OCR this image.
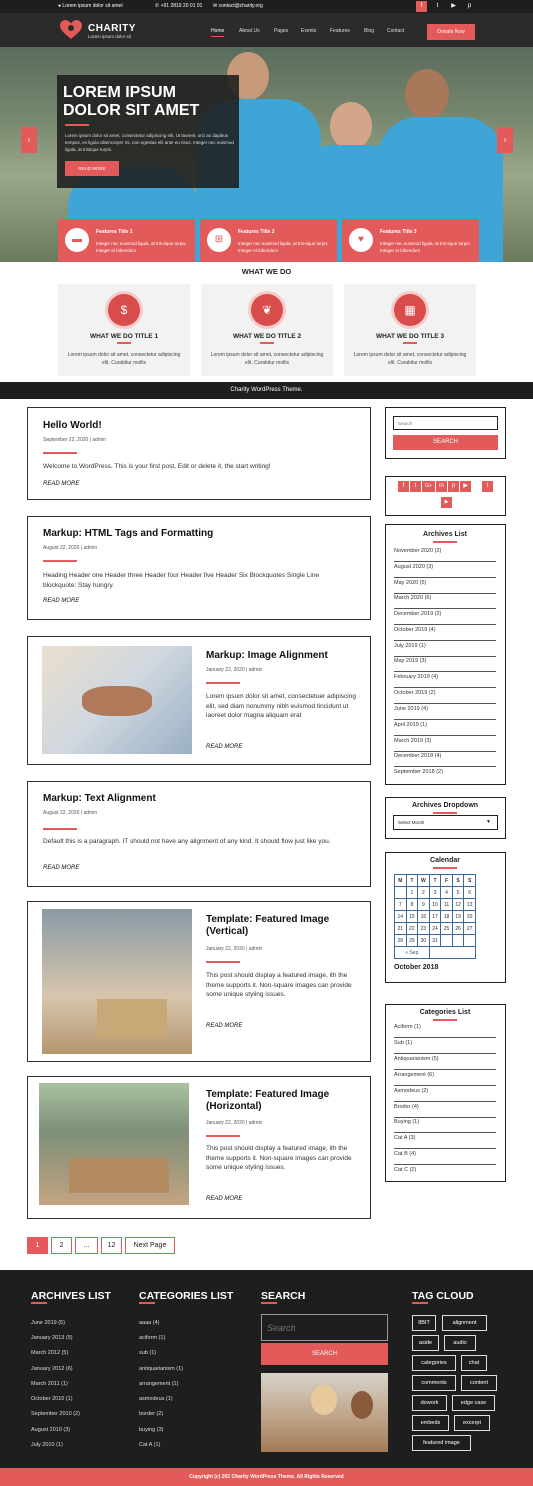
● Lorem ipsum dolor sit amet	✆ +91 2819 20 01 91 ✉ contact@charity.org	f	t	▶	p
CHARITY
Lorem ipsum dolor sit
Home	About Us	Pages	Events	Features	Blog	Contact	Donate Now
LOREM IPSUM DOLOR SIT AMET
Lorem ipsum dolor sit amet, consectetur adipiscing elit. Ut laoreet, orci ac dapibus tempus, ex ligula ullamcorper mi, non egestas elit ante eu risus. Integer nec euismod ligula, at tristique turpis.
READ MORE
‹	›
▬
Features Title 1
Integer nec euismod ligula, at tris-tique turpis. Integer et bibendum
⊞
Features Title 2
Integer nec euismod ligula, at tris-tique turpis. Integer et bibendum
♥
Features Title 3
Integer nec euismod ligula, at tris-tique turpis. Integer et bibendum
WHAT WE DO
$
WHAT WE DO TITLE 1
Lorem ipsum dolor sit amet, consectetur adipiscing elit. Curabitur mollis
❦
WHAT WE DO TITLE 2
Lorem ipsum dolor sit amet, consectetur adipiscing elit. Curabitur mollis
▦
WHAT WE DO TITLE 3
Lorem ipsum dolor sit amet, consectetur adipiscing elit. Curabitur mollis
Charity WordPress Theme.
Hello World!
September 22, 2020 | admin
Welcome to WordPress. This is your first post, Edit or delete it, the start writing!
READ MORE
Markup: HTML Tags and Formatting
August 22, 2020 | admin
Heading Header one Header three Header four Header five Header Six Blockquotes Single Line blockquote: Stay hungry.
READ MORE
Markup: Image Alignment
January 22, 2020 | admin
Lorem ipsum dolor sit amet, consectetuer adipiscing elit, sed diam nonummy nibh euismod tincidunt ut laoreet dolor magna aliquam erat
READ MORE
Markup: Text Alignment
August 22, 2020 | admin
Default this is a paragraph. IT should not have any alignment of any kind. It should flow just like you.
READ MORE
Template: Featured Image (Vertical)
January 22, 2020 | admin
This post should display a featured image, ith the theme supports it. Non-square images can provide some unique styling issues.
READ MORE
Template: Featured Image (Horizontal)
January 22, 2020 | admin
This post should display a featured image, ith the theme supports it. Non-square images can provide some unique styling issues.
READ MORE
Search
SEARCH
f	t	G+	in	p	▶	t
▶
Archives List
November 2020 (2)
August 2020 (3)
May 2020 (5)
March 2020 (6)
December 2019 (2)
October 2019 (4)
July 2019 (1)
May 2019 (3)
February 2019 (4)
October 2019 (2)
June 2019 (4)
April 2019 (1)
March 2019 (3)
December 2018 (4)
September 2018 (2)
Archives Dropdown
Select Month	▼
Calendar
M	T	W	T	F	S	S
	1	2	3	4	5	6
7	8	9	10	11	12	13
14	15	16	17	18	19	20
21	22	23	24	25	26	27
28	29	30	31			
« Sep						
October 2018
Categories List
Aciform (1)
Sub (1)
Antiquarianism (5)
Arrangement (6)
Asmodeus (2)
Broder (4)
Buying (1)
Cat A (3)
Cat B (4)
Cat C (2)
1	2	...	12	Next Page
ARCHIVES LIST
June 2019 (5)
January 2013 (5)
March 2012 (5)
January 2012 (6)
March 2011 (1)
October 2010 (1)
September 2010 (2)
August 2010 (3)
July 2010 (1)
CATEGORIES LIST
aaaa (4)
aciform (1)
sub (1)
antiquarianism (1)
arrangement (1)
asmodeus (1)
border (2)
buying (3)
Cat A (1)
SEARCH
Search
SEARCH
TAG CLOUD
8BIT	alignment
aside	audio
categories	chat
comments	content
dowork	edge case
embeds	excerpt
featured image
Copyright (c) 202 Charity WordPress Theme. All Rights Reserved
